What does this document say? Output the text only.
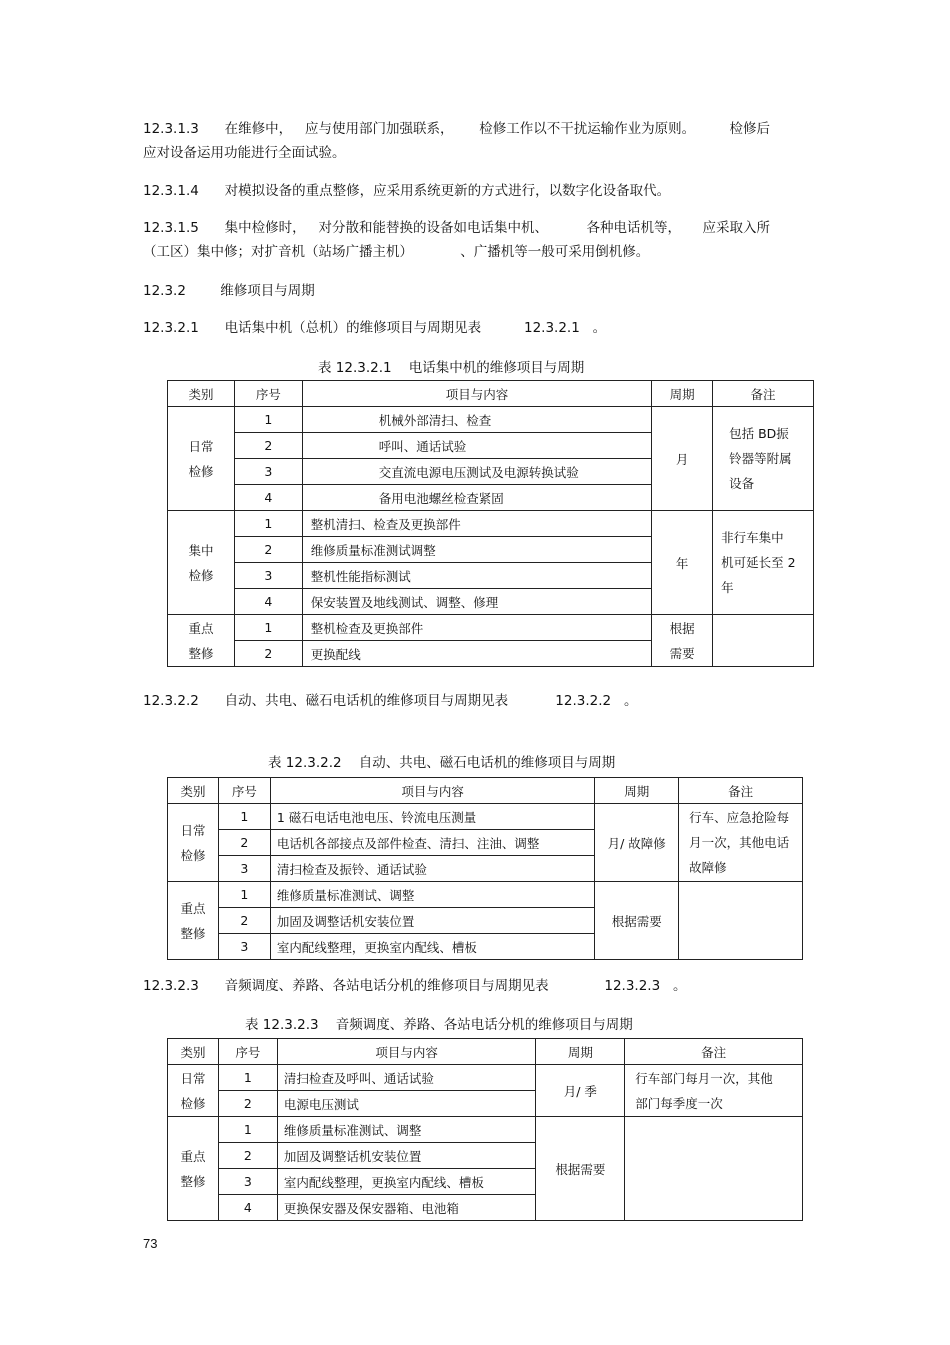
12.3.1.3      在维修中，   应与使用部门加强联系，      检修工作以不干扰运输作业为原则。        检修后
应对设备运用功能进行全面试验。
12.3.1.4      对模拟设备的重点整修，应采用系统更新的方式进行，以数字化设备取代。
12.3.1.5      集中检修时，   对分散和能替换的设备如电话集中机、         各种电话机等，     应采取入所
（工区）集中修；对扩音机（站场广播主机）           、广播机等一般可采用倒机修。
12.3.2        维修项目与周期
12.3.2.1      电话集中机（总机）的维修项目与周期见表          12.3.2.1   。
表 12.3.2.1    电话集中机的维修项目与周期
类别	序号	项目与内容	周期	备注
日常
检修	1	机械外部清扫、检查	月	包括 BD振
铃器等附属
设备
	2	呼叫、通话试验		
	3	交直流电源电压测试及电源转换试验		
	4	备用电池螺丝检查紧固		
集中
检修	1	整机清扫、检查及更换部件	年	非行车集中
机可延长至 2
年
	2	维修质量标准测试调整		
	3	整机性能指标测试		
	4	保安装置及地线测试、调整、修理		
重点
整修	1	整机检查及更换部件	根据
需要	
	2	更换配线		
12.3.2.2      自动、共电、磁石电话机的维修项目与周期见表           12.3.2.2   。
表 12.3.2.2    自动、共电、磁石电话机的维修项目与周期
类别	序号	项目与内容	周期	备注
日常
检修	1	1 磁石电话电池电压、铃流电压测量	月/ 故障修	行车、应急抢险每
月一次，其他电话
故障修
	2	电话机各部接点及部件检查、清扫、注油、调整		
	3	清扫检查及振铃、通话试验		
重点
整修	1	维修质量标准测试、调整	根据需要	
	2	加固及调整话机安装位置		
	3	室内配线整理，更换室内配线、槽板		
12.3.2.3      音频调度、养路、各站电话分机的维修项目与周期见表             12.3.2.3   。
表 12.3.2.3    音频调度、养路、各站电话分机的维修项目与周期
类别	序号	项目与内容	周期	备注
日常
检修	1	清扫检查及呼叫、通话试验	月/ 季	行车部门每月一次，其他
部门每季度一次
	2	电源电压测试		
重点
整修	1	维修质量标准测试、调整	根据需要	
	2	加固及调整话机安装位置		
	3	室内配线整理，更换室内配线、槽板		
	4	更换保安器及保安器箱、电池箱		
73
